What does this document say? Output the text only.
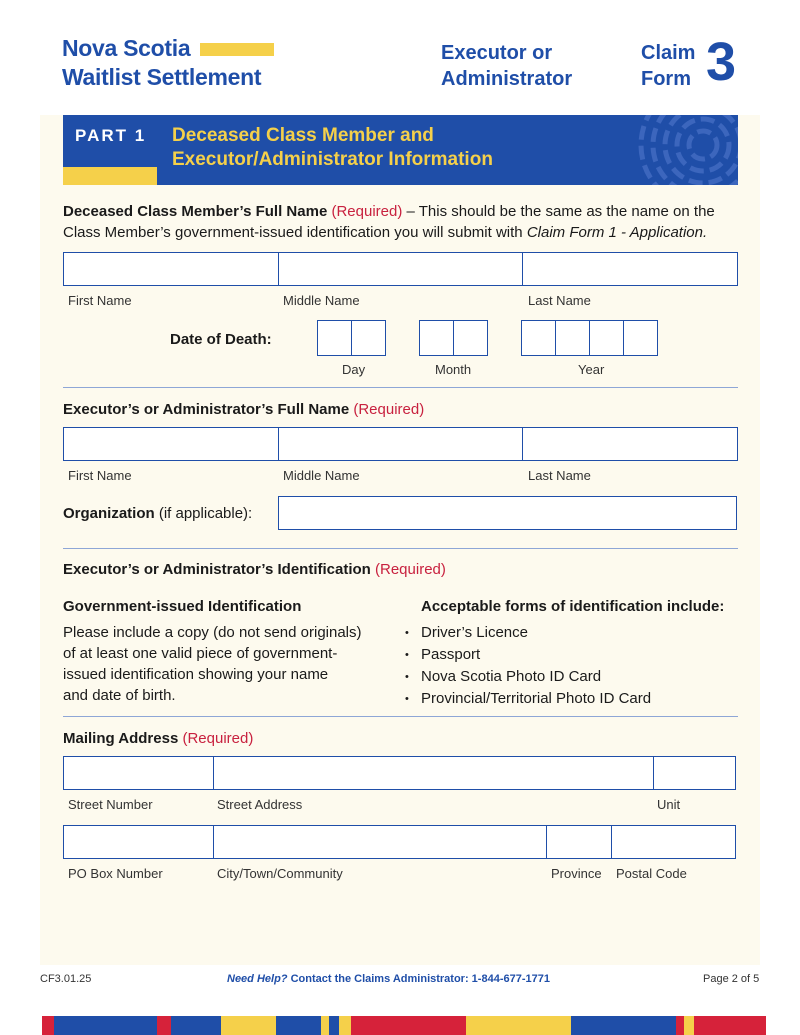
Nova Scotia
Waitlist Settlement
Executor or
Administrator
Claim
Form 3
PART 1 Deceased Class Member and
Executor/Administrator Information
Deceased Class Member’s Full Name (Required) – This should be the same as the name on the
Class Member’s government-issued identification you will submit with Claim Form 1 - Application.
First Name	Middle Name	Last Name
Date of Death:
Day	Month	Year
Executor’s or Administrator’s Full Name (Required)
First Name	Middle Name	Last Name
Organization (if applicable):
Executor’s or Administrator’s Identification (Required)
Government-issued Identification
Please include a copy (do not send originals)
of at least one valid piece of government-
issued identification showing your name
and date of birth.
Acceptable forms of identification include:
• Driver’s Licence
• Passport
• Nova Scotia Photo ID Card
• Provincial/Territorial Photo ID Card
Mailing Address (Required)
Street Number	Street Address	Unit
PO Box Number	City/Town/Community	Province Postal Code
CF3.01.25	Need Help? Contact the Claims Administrator: 1-844-677-1771	Page 2 of 5
